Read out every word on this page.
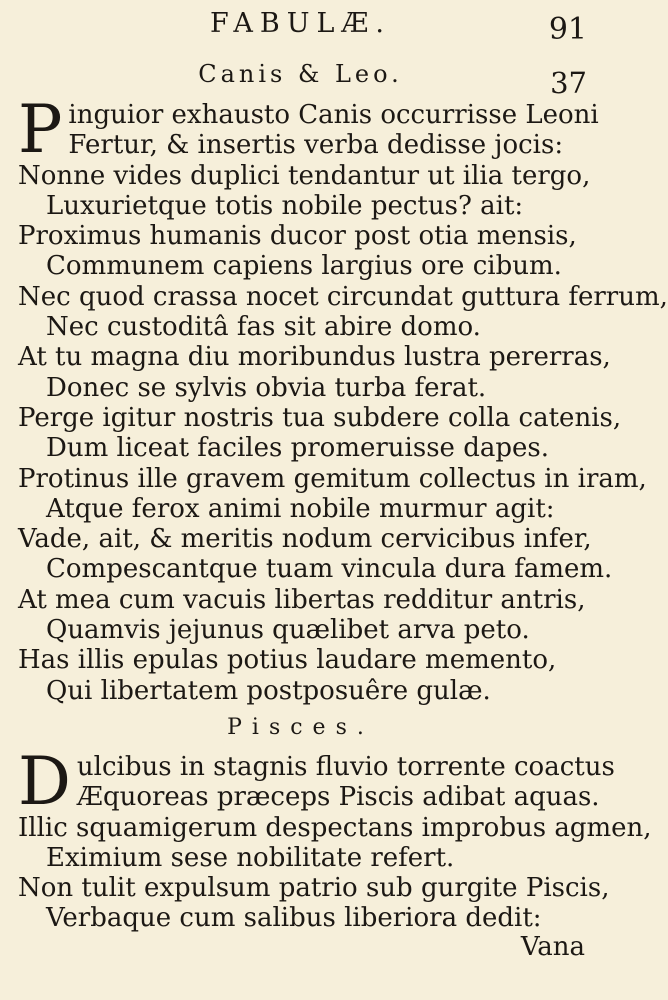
FABULÆ.	91
Canis & Leo.	37
P inguior exhausto Canis occurrisse Leoni
Fertur, & insertis verba dedisse jocis:
Nonne vides duplici tendantur ut ilia tergo,
Luxurietque totis nobile pectus? ait:
Proximus humanis ducor post otia mensis,
Communem capiens largius ore cibum.
Nec quod crassa nocet circundat guttura ferrum,
Nec custoditâ fas sit abire domo.
At tu magna diu moribundus lustra pererras,
Donec se sylvis obvia turba ferat.
Perge igitur nostris tua subdere colla catenis,
Dum liceat faciles promeruisse dapes.
Protinus ille gravem gemitum collectus in iram,
Atque ferox animi nobile murmur agit:
Vade, ait, & meritis nodum cervicibus infer,
Compescantque tuam vincula dura famem.
At mea cum vacuis libertas redditur antris,
Quamvis jejunus quælibet arva peto.
Has illis epulas potius laudare memento,
Qui libertatem postposuêre gulæ.
Pisces.
D ulcibus in stagnis fluvio torrente coactus
Æquoreas præceps Piscis adibat aquas.
Illic squamigerum despectans improbus agmen,
Eximium sese nobilitate refert.
Non tulit expulsum patrio sub gurgite Piscis,
Verbaque cum salibus liberiora dedit:
Vana
